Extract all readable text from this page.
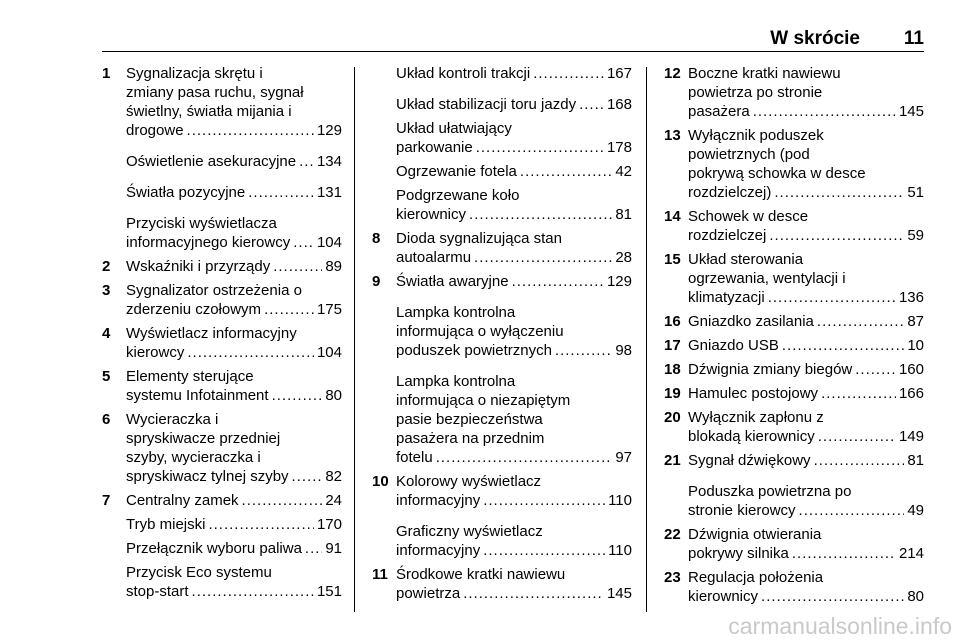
W skrócie 11
1	Sygnalizacja skrętu i
zmiany pasa ruchu, sygnał
świetlny, światła mijania i
drogowe .....	129
Oświetlenie asekuracyjne ..... 134
Światła pozycyjne .....	131
Przyciski wyświetlacza
informacyjnego kierowcy ..... 104
2	Wskaźniki i przyrządy .....	89
3	Sygnalizator ostrzeżenia o
zderzeniu czołowym .....	175
4	Wyświetlacz informacyjny
kierowcy .....	104
5	Elementy sterujące
systemu Infotainment .....	80
6	Wycieraczka i
spryskiwacze przedniej
szyby, wycieraczka i
spryskiwacz tylnej szyby ..... 82
7	Centralny zamek .....	24
Tryb miejski .....	170
Przełącznik wyboru paliwa ..... 91
Przycisk Eco systemu
stop-start .....	151
Układ kontroli trakcji .....	167
Układ stabilizacji toru jazdy ..... 168
Układ ułatwiający
parkowanie .....	178
Ogrzewanie fotela .....	42
Podgrzewane koło
kierownicy .....	81
8	Dioda sygnalizująca stan
autoalarmu .....	28
9	Światła awaryjne .....	129
Lampka kontrolna
informująca o wyłączeniu
poduszek powietrznych .....	98
Lampka kontrolna
informująca o niezapiętym
pasie bezpieczeństwa
pasażera na przednim
fotelu .....	97
10 Kolorowy wyświetlacz
informacyjny .....	110
Graficzny wyświetlacz
informacyjny .....	110
11 Środkowe kratki nawiewu
powietrza .....	145
12 Boczne kratki nawiewu
powietrza po stronie
pasażera .....	145
13 Wyłącznik poduszek
powietrznych (pod
pokrywą schowka w desce
rozdzielczej) .....	51
14 Schowek w desce
rozdzielczej .....	59
15 Układ sterowania
ogrzewania, wentylacji i
klimatyzacji .....	136
16 Gniazdko zasilania .....	87
17 Gniazdo USB .....	10
18 Dźwignia zmiany biegów .....	160
19 Hamulec postojowy .....	166
20 Wyłącznik zapłonu z
blokadą kierownicy .....	149
21 Sygnał dźwiękowy .....	81
Poduszka powietrzna po
stronie kierowcy .....	49
22 Dźwignia otwierania
pokrywy silnika .....	214
23 Regulacja położenia
kierownicy .....	80
carmanualsonline.info
